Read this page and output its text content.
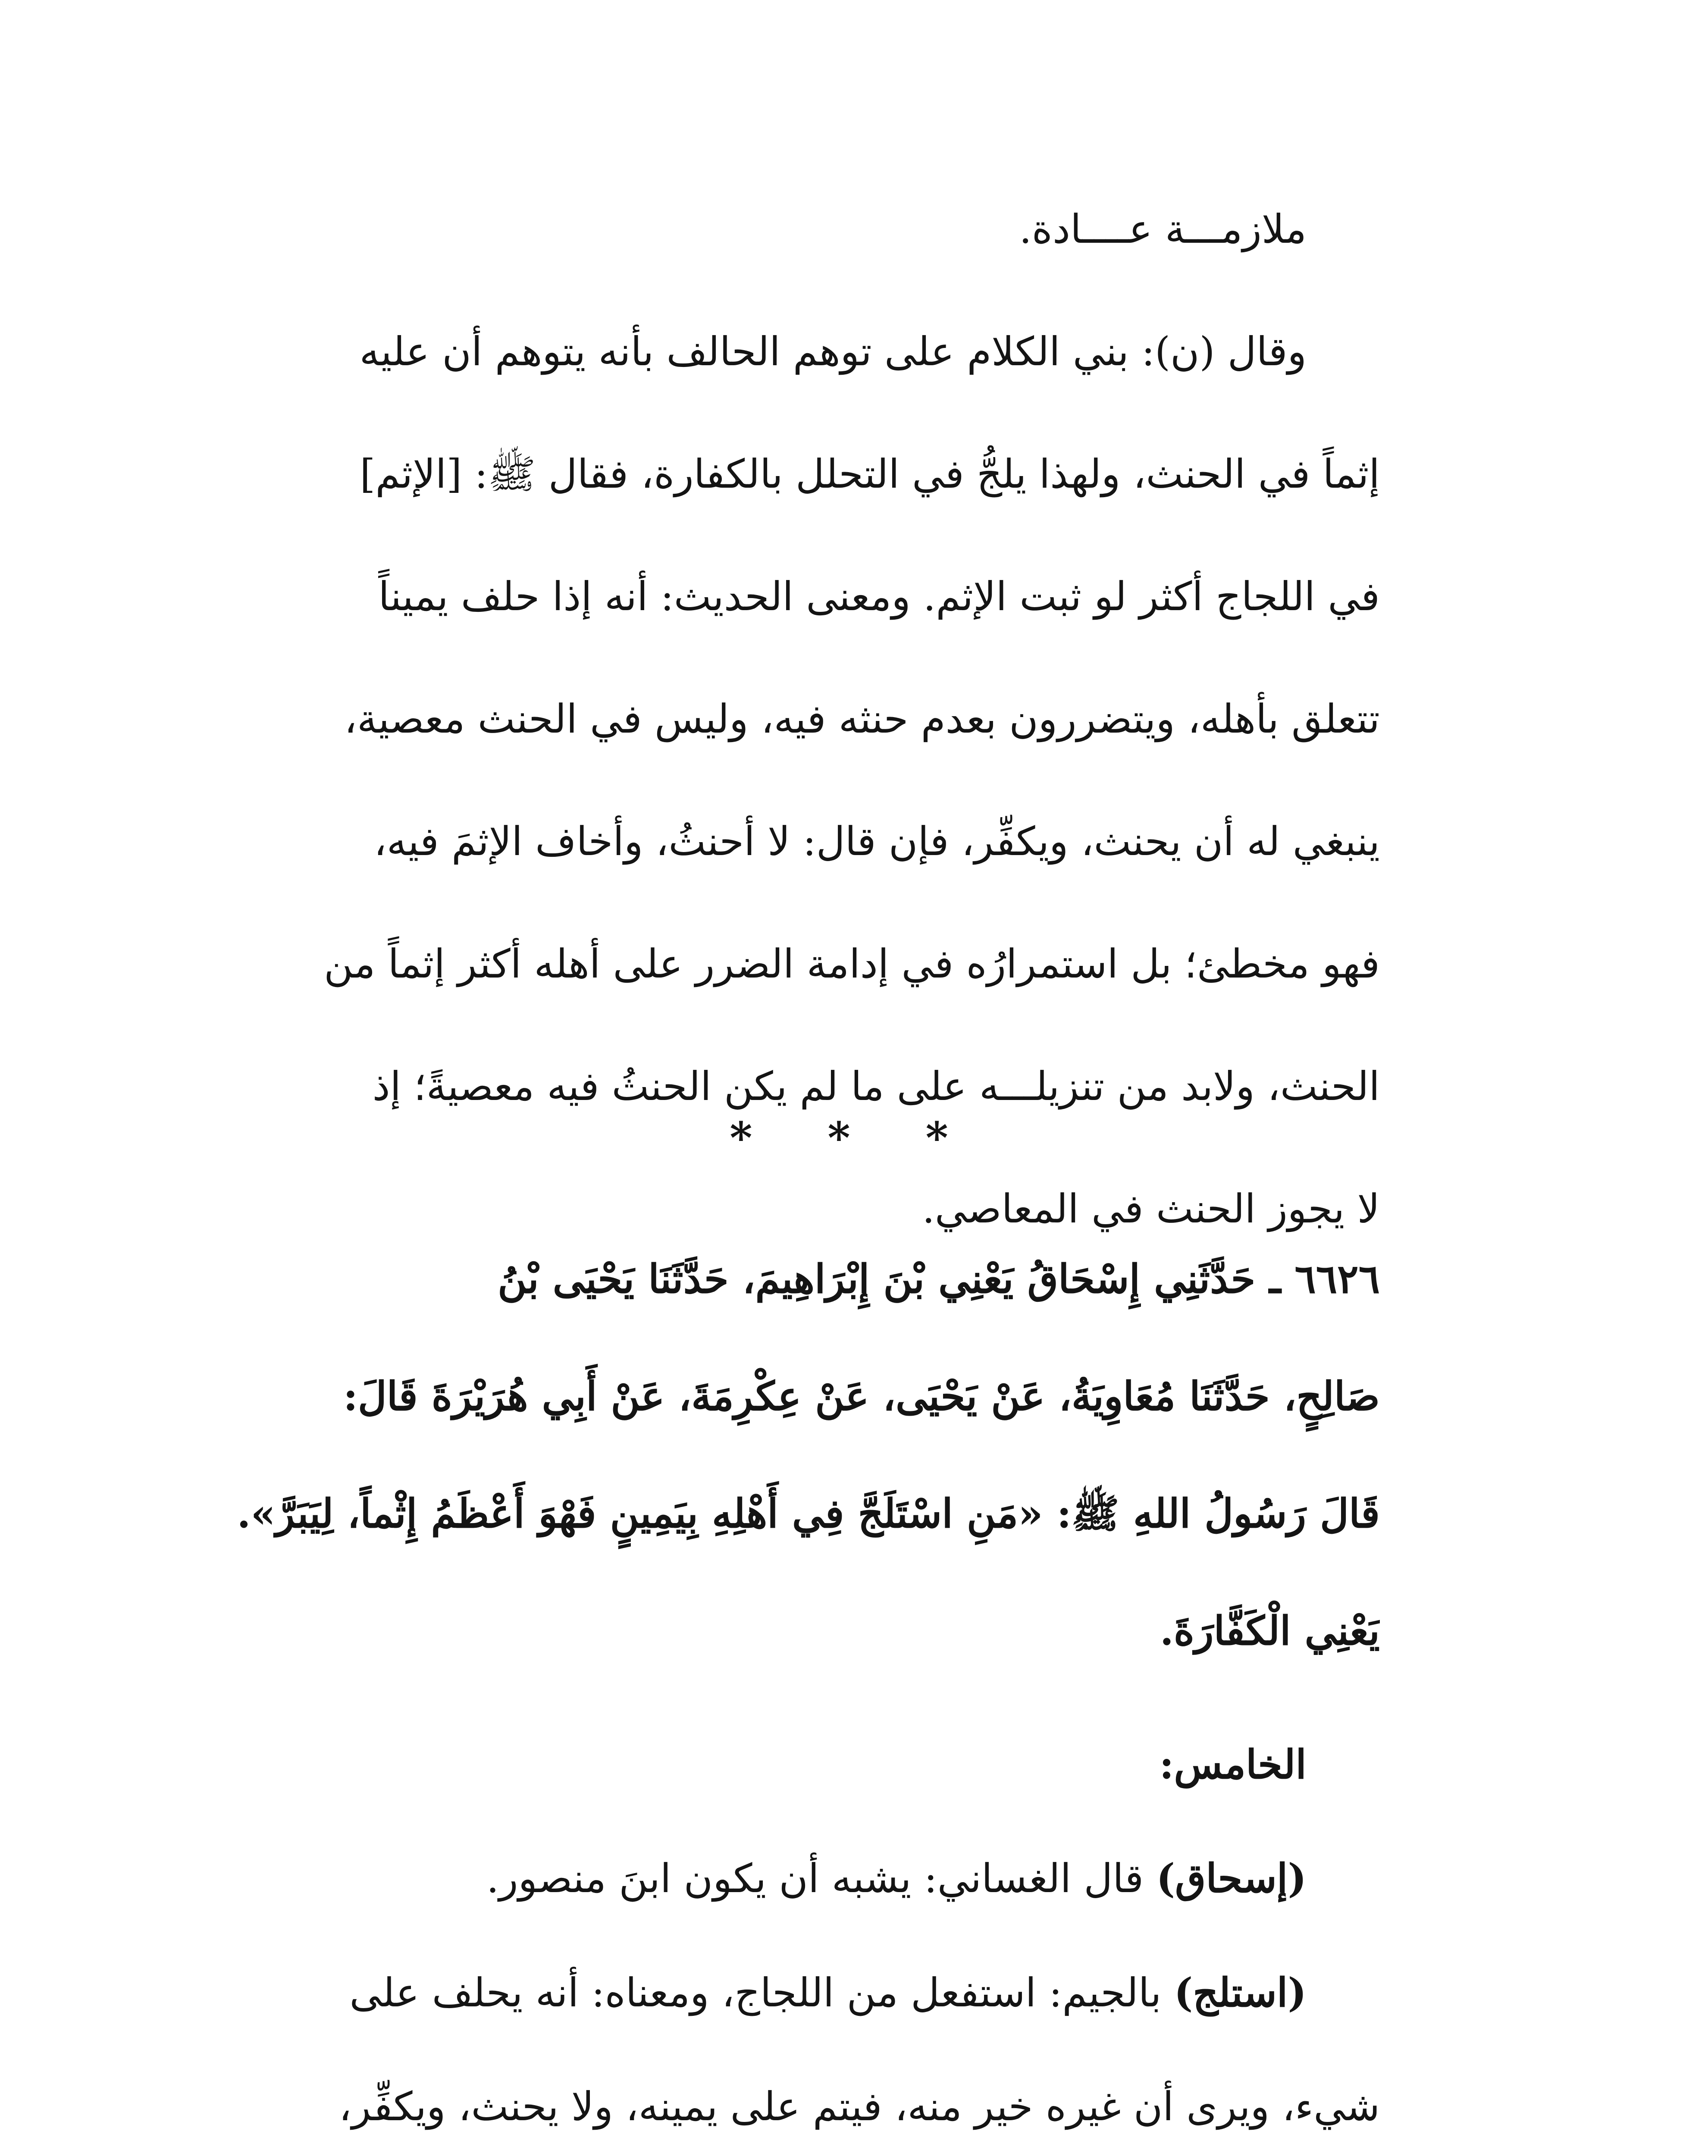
ملازمـــة عــــادة.
وقال (ن): بني الكلام على توهم الحالف بأنه يتوهم أن عليه
إثماً في الحنث، ولهذا يلجُّ في التحلل بالكفارة، فقال ﷺ: [الإثم]
في اللجاج أكثر لو ثبت الإثم. ومعنى الحديث: أنه إذا حلف يميناً
تتعلق بأهله، ويتضررون بعدم حنثه فيه، وليس في الحنث معصية،
ينبغي له أن يحنث، ويكفِّر، فإن قال: لا أحنثُ، وأخاف الإثمَ فيه،
فهو مخطئ؛ بل استمرارُه في إدامة الضرر على أهله أكثر إثماً من
الحنث، ولابد من تنزيلـــه على ما لم يكن الحنثُ فيه معصيةً؛ إذ
لا يجوز الحنث في المعاصي.
* * *
٦٦٢٦ ـ حَدَّثَنِي إِسْحَاقُ يَعْنِي بْنَ إِبْرَاهِيمَ، حَدَّثَنَا يَحْيَى بْنُ
صَالِحٍ، حَدَّثَنَا مُعَاوِيَةُ، عَنْ يَحْيَى، عَنْ عِكْرِمَةَ، عَنْ أَبِي هُرَيْرَةَ قَالَ:
قَالَ رَسُولُ اللهِ ﷺ: «مَنِ اسْتَلَجَّ فِي أَهْلِهِ بِيَمِينٍ فَهْوَ أَعْظَمُ إِثْماً، لِيَبَرَّ».
يَعْنِي الْكَفَّارَةَ.
الخامس:
(إسحاق) قال الغساني: يشبه أن يكون ابنَ منصور.
(استلج) بالجيم: استفعل من اللجاج، ومعناه: أنه يحلف على
شيء، ويرى أن غيره خير منه، فيتم على يمينه، ولا يحنث، ويكفِّر،
